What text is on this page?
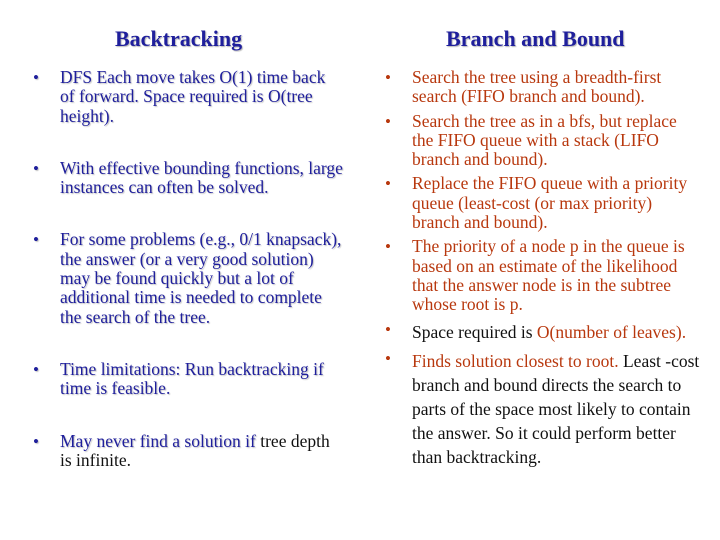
Backtracking	Branch and Bound
• DFS Each move takes O(1) time back of forward. Space required is O(tree height).
• With effective bounding functions, large instances can often be solved.
• For some problems (e.g., 0/1 knapsack), the answer (or a very good solution) may be found quickly but a lot of additional time is needed to complete the search of the tree.
• Time limitations: Run backtracking if time is feasible.
• May never find a solution if tree depth is infinite.
• Search the tree using a breadth-first search (FIFO branch and bound).
• Search the tree as in a bfs, but replace the FIFO queue with a stack (LIFO branch and bound).
• Replace the FIFO queue with a priority queue (least-cost (or max priority) branch and bound).
• The priority of a node p in the queue is based on an estimate of the likelihood that the answer node is in the subtree whose root is p.
• Space required is O(number of leaves).
• Finds solution closest to root. Least -cost branch and bound directs the search to parts of the space most likely to contain the answer. So it could perform better than backtracking.
